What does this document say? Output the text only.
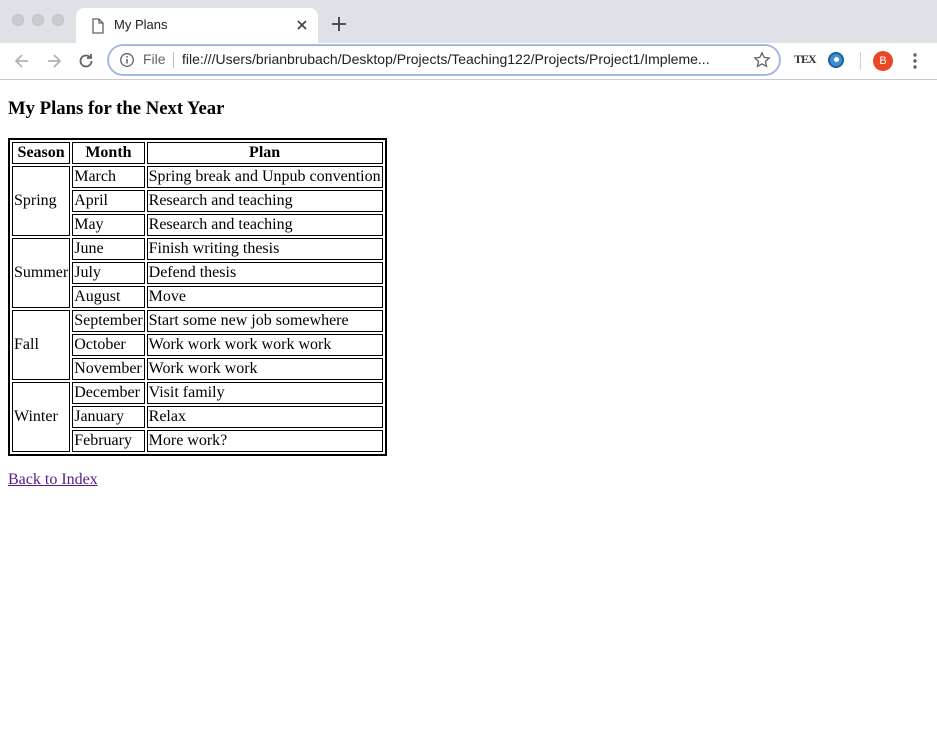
My Plans
File file:///Users/brianbrubach/Desktop/Projects/Teaching122/Projects/Project1/Impleme...	TEX	B
My Plans for the Next Year
Season	Month	Plan
Spring	March	Spring break and Unpub convention
	April	Research and teaching
	May	Research and teaching
Summer	June	Finish writing thesis
	July	Defend thesis
	August	Move
Fall	September	Start some new job somewhere
	October	Work work work work work
	November	Work work work
Winter	December	Visit family
	January	Relax
	February	More work?
Back to Index
